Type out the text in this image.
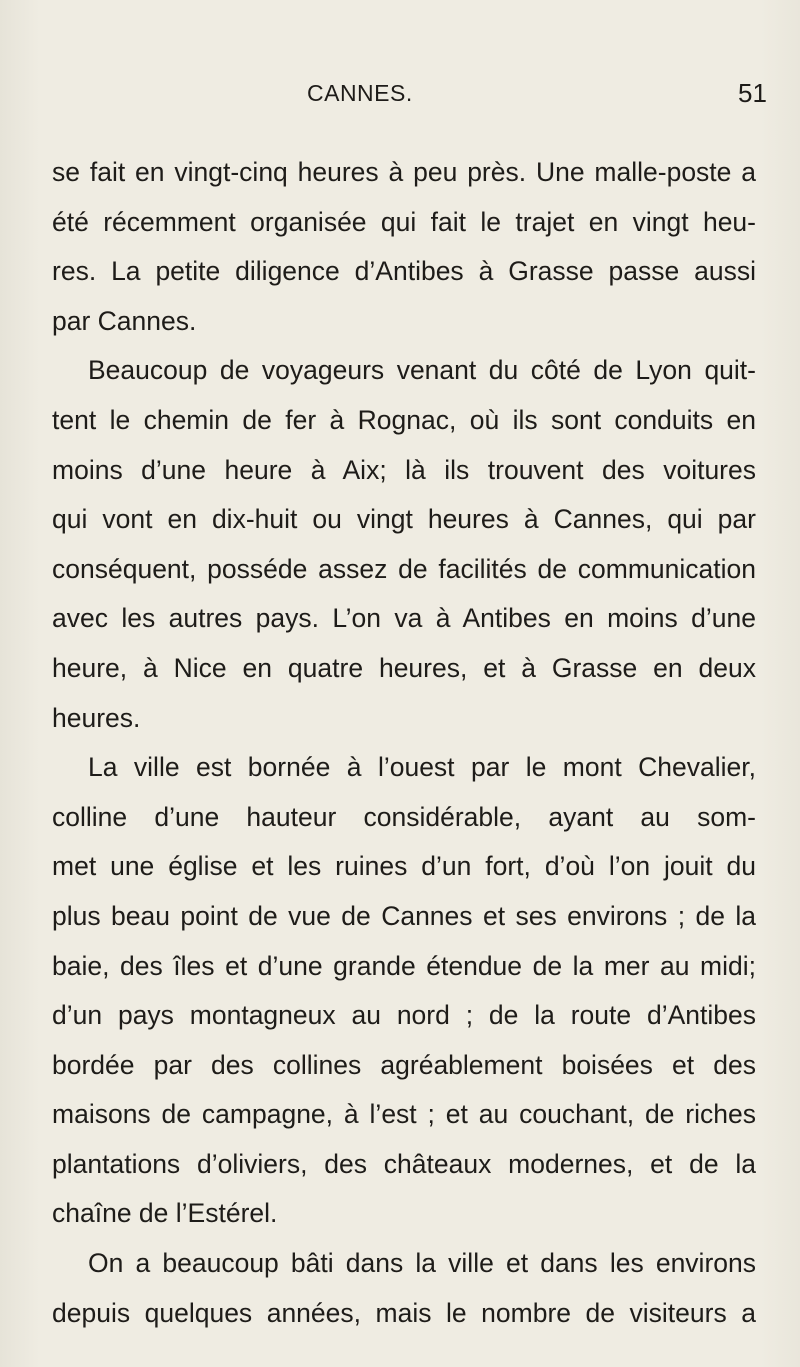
CANNES.	51
se fait en vingt-cinq heures à peu près. Une malle-poste a
été récemment organisée qui fait le trajet en vingt heu-
res. La petite diligence d’Antibes à Grasse passe aussi
par Cannes.
Beaucoup de voyageurs venant du côté de Lyon quit-
tent le chemin de fer à Rognac, où ils sont conduits en
moins d’une heure à Aix; là ils trouvent des voitures
qui vont en dix-huit ou vingt heures à Cannes, qui par
conséquent, posséde assez de facilités de communication
avec les autres pays. L’on va à Antibes en moins d’une
heure, à Nice en quatre heures, et à Grasse en deux
heures.
La ville est bornée à l’ouest par le mont Chevalier,
colline d’une hauteur considérable, ayant au som-
met une église et les ruines d’un fort, d’où l’on jouit du
plus beau point de vue de Cannes et ses environs ; de la
baie, des îles et d’une grande étendue de la mer au midi;
d’un pays montagneux au nord ; de la route d’Antibes
bordée par des collines agréablement boisées et des
maisons de campagne, à l’est ; et au couchant, de riches
plantations d’oliviers, des châteaux modernes, et de la
chaîne de l’Estérel.
On a beaucoup bâti dans la ville et dans les environs
depuis quelques années, mais le nombre de visiteurs a
